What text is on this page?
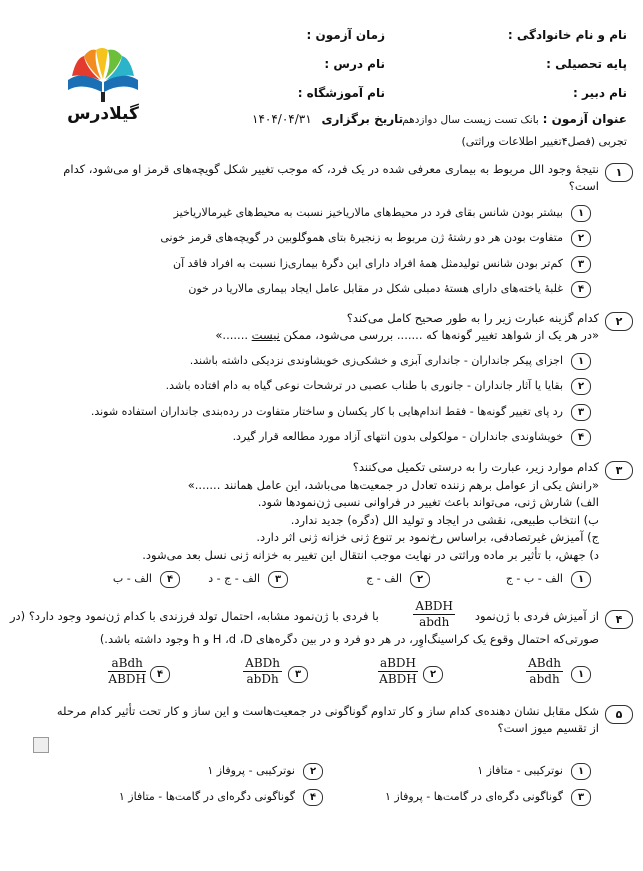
گیلادرس
نام و نام خانوادگی :
پایه تحصیلی :
نام دبیر :
زمان آزمون :
نام درس :
نام آموزشگاه :
عنوان آزمون : بانک تست زیست سال دوازدهم
تاریخ برگزاری ۱۴۰۴/۰۴/۳۱
تجربی (فصل۴تغییر اطلاعات وراثتی)
۱
نتیجۀ وجود الل مربوط به بیماری معرفی شده در یک فرد، که موجب تغییر شکل گویچه‌های قرمز او می‌شود، کدام
است؟
۱
بیشتر بودن شانس بقای فرد در محیط‌های مالاریاخیز نسبت به محیط‌های غیرمالاریاخیز
۲
متفاوت بودن هر دو رشتۀ ژن مربوط به زنجیرۀ بتای هموگلوبین در گویچه‌های قرمز خونی
۳
کم‌تر بودن شانس تولیدمثل همۀ افراد دارای این دگرۀ بیماری‌زا نسبت به افراد فاقد آن
۴
غلبۀ یاخته‌های دارای هستۀ دمبلی شکل در مقابل عامل ایجاد بیماری مالاریا در خون
۲
کدام گزینه عبارت زیر را به طور صحیح کامل می‌کند؟
«در هر یک از شواهد تغییر گونه‌ها که ....... بررسی می‌شود، ممکن نیست .......»
۱
اجزای پیکر جانداران - جانداری آبزی و خشکی‌زی خویشاوندی نزدیکی داشته باشند.
۲
بقایا یا آثار جانداران - جانوری با طناب عصبی در ترشحات نوعی گیاه به دام افتاده باشد.
۳
رد پای تغییر گونه‌ها - فقط اندام‌هایی با کار یکسان و ساختار متفاوت در رده‌بندی جانداران استفاده شوند.
۴
خویشاوندی جانداران - مولکولی بدون انتهای آزاد مورد مطالعه قرار گیرد.
۳
کدام موارد زیر، عبارت را به درستی تکمیل می‌کنند؟
«رانش یکی از عوامل برهم زننده تعادل در جمعیت‌ها می‌باشد، این عامل همانند .......»
الف) شارش ژنی، می‌تواند باعث تغییر در فراوانی نسبی ژن‌نمودها شود.
ب) انتخاب طبیعی، نقشی در ایجاد و تولید الل (دگره) جدید ندارد.
ج) آمیزش غیرتصادفی، براساس رخ‌نمود بر تنوع ژنی خزانه ژنی اثر دارد.
د) جهش، با تأثیر بر ماده وراثتی در نهایت موجب انتقال این تغییر به خزانه ژنی نسل بعد می‌شود.
۱
الف - ب - ج
۲
الف - ج
۳
الف - ج - د
۴
الف - ب
۴
از آمیزش فردی با ژن‌نمود
ABDH
abdh
با فردی با ژن‌نمود مشابه، احتمال تولد فرزندی با کدام ژن‌نمود وجود دارد؟ (در
صورتی‌که احتمال وقوع یک کراسینگ‌اوِر، در هر دو فرد و در بین دگره‌های H ،d ،D و h وجود داشته باشد.)
۱
ABdh
abdh
۲
aBDH
ABDH
۳
ABDh
abDh
۴
aBdh
ABDH
۵
شکل مقابل نشان دهنده‌ی کدام ساز و کار تداوم گوناگونی در جمعیت‌هاست و این ساز و کار تحت تأثیر کدام مرحله
از تقسیم میوز است؟
۱
نوترکیبی - متافاز ۱
۲
نوترکیبی - پروفاز ۱
۳
گوناگونی دگره‌ای در گامت‌ها - پروفاز ۱
۴
گوناگونی دگره‌ای در گامت‌ها - متافاز ۱
